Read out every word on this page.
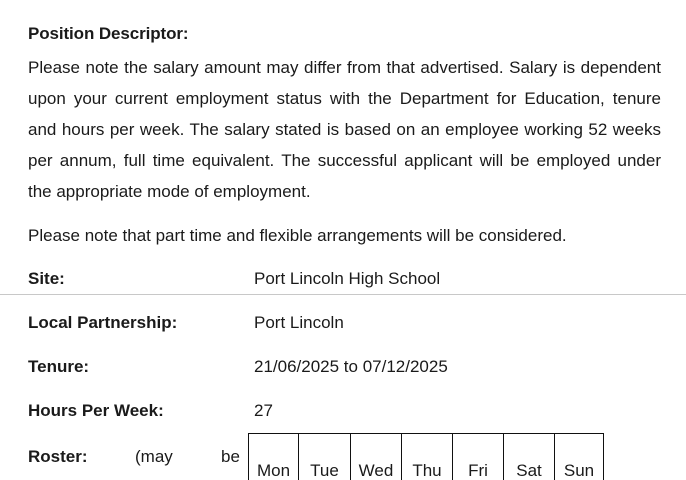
Position Descriptor:

Please note the salary amount may differ from that advertised. Salary is dependent upon your current employment status with the Department for Education, tenure and hours per week. The salary stated is based on an employee working 52 weeks per annum, full time equivalent. The successful applicant will be employed under the appropriate mode of employment.

Please note that part time and flexible arrangements will be considered.

Site:	Port Lincoln High School
Local Partnership:	Port Lincoln
Tenure:	21/06/2025 to 07/12/2025
Hours Per Week:	27
Roster:	(may	be
Mon	Tue	Wed	Thu	Fri	Sat	Sun
